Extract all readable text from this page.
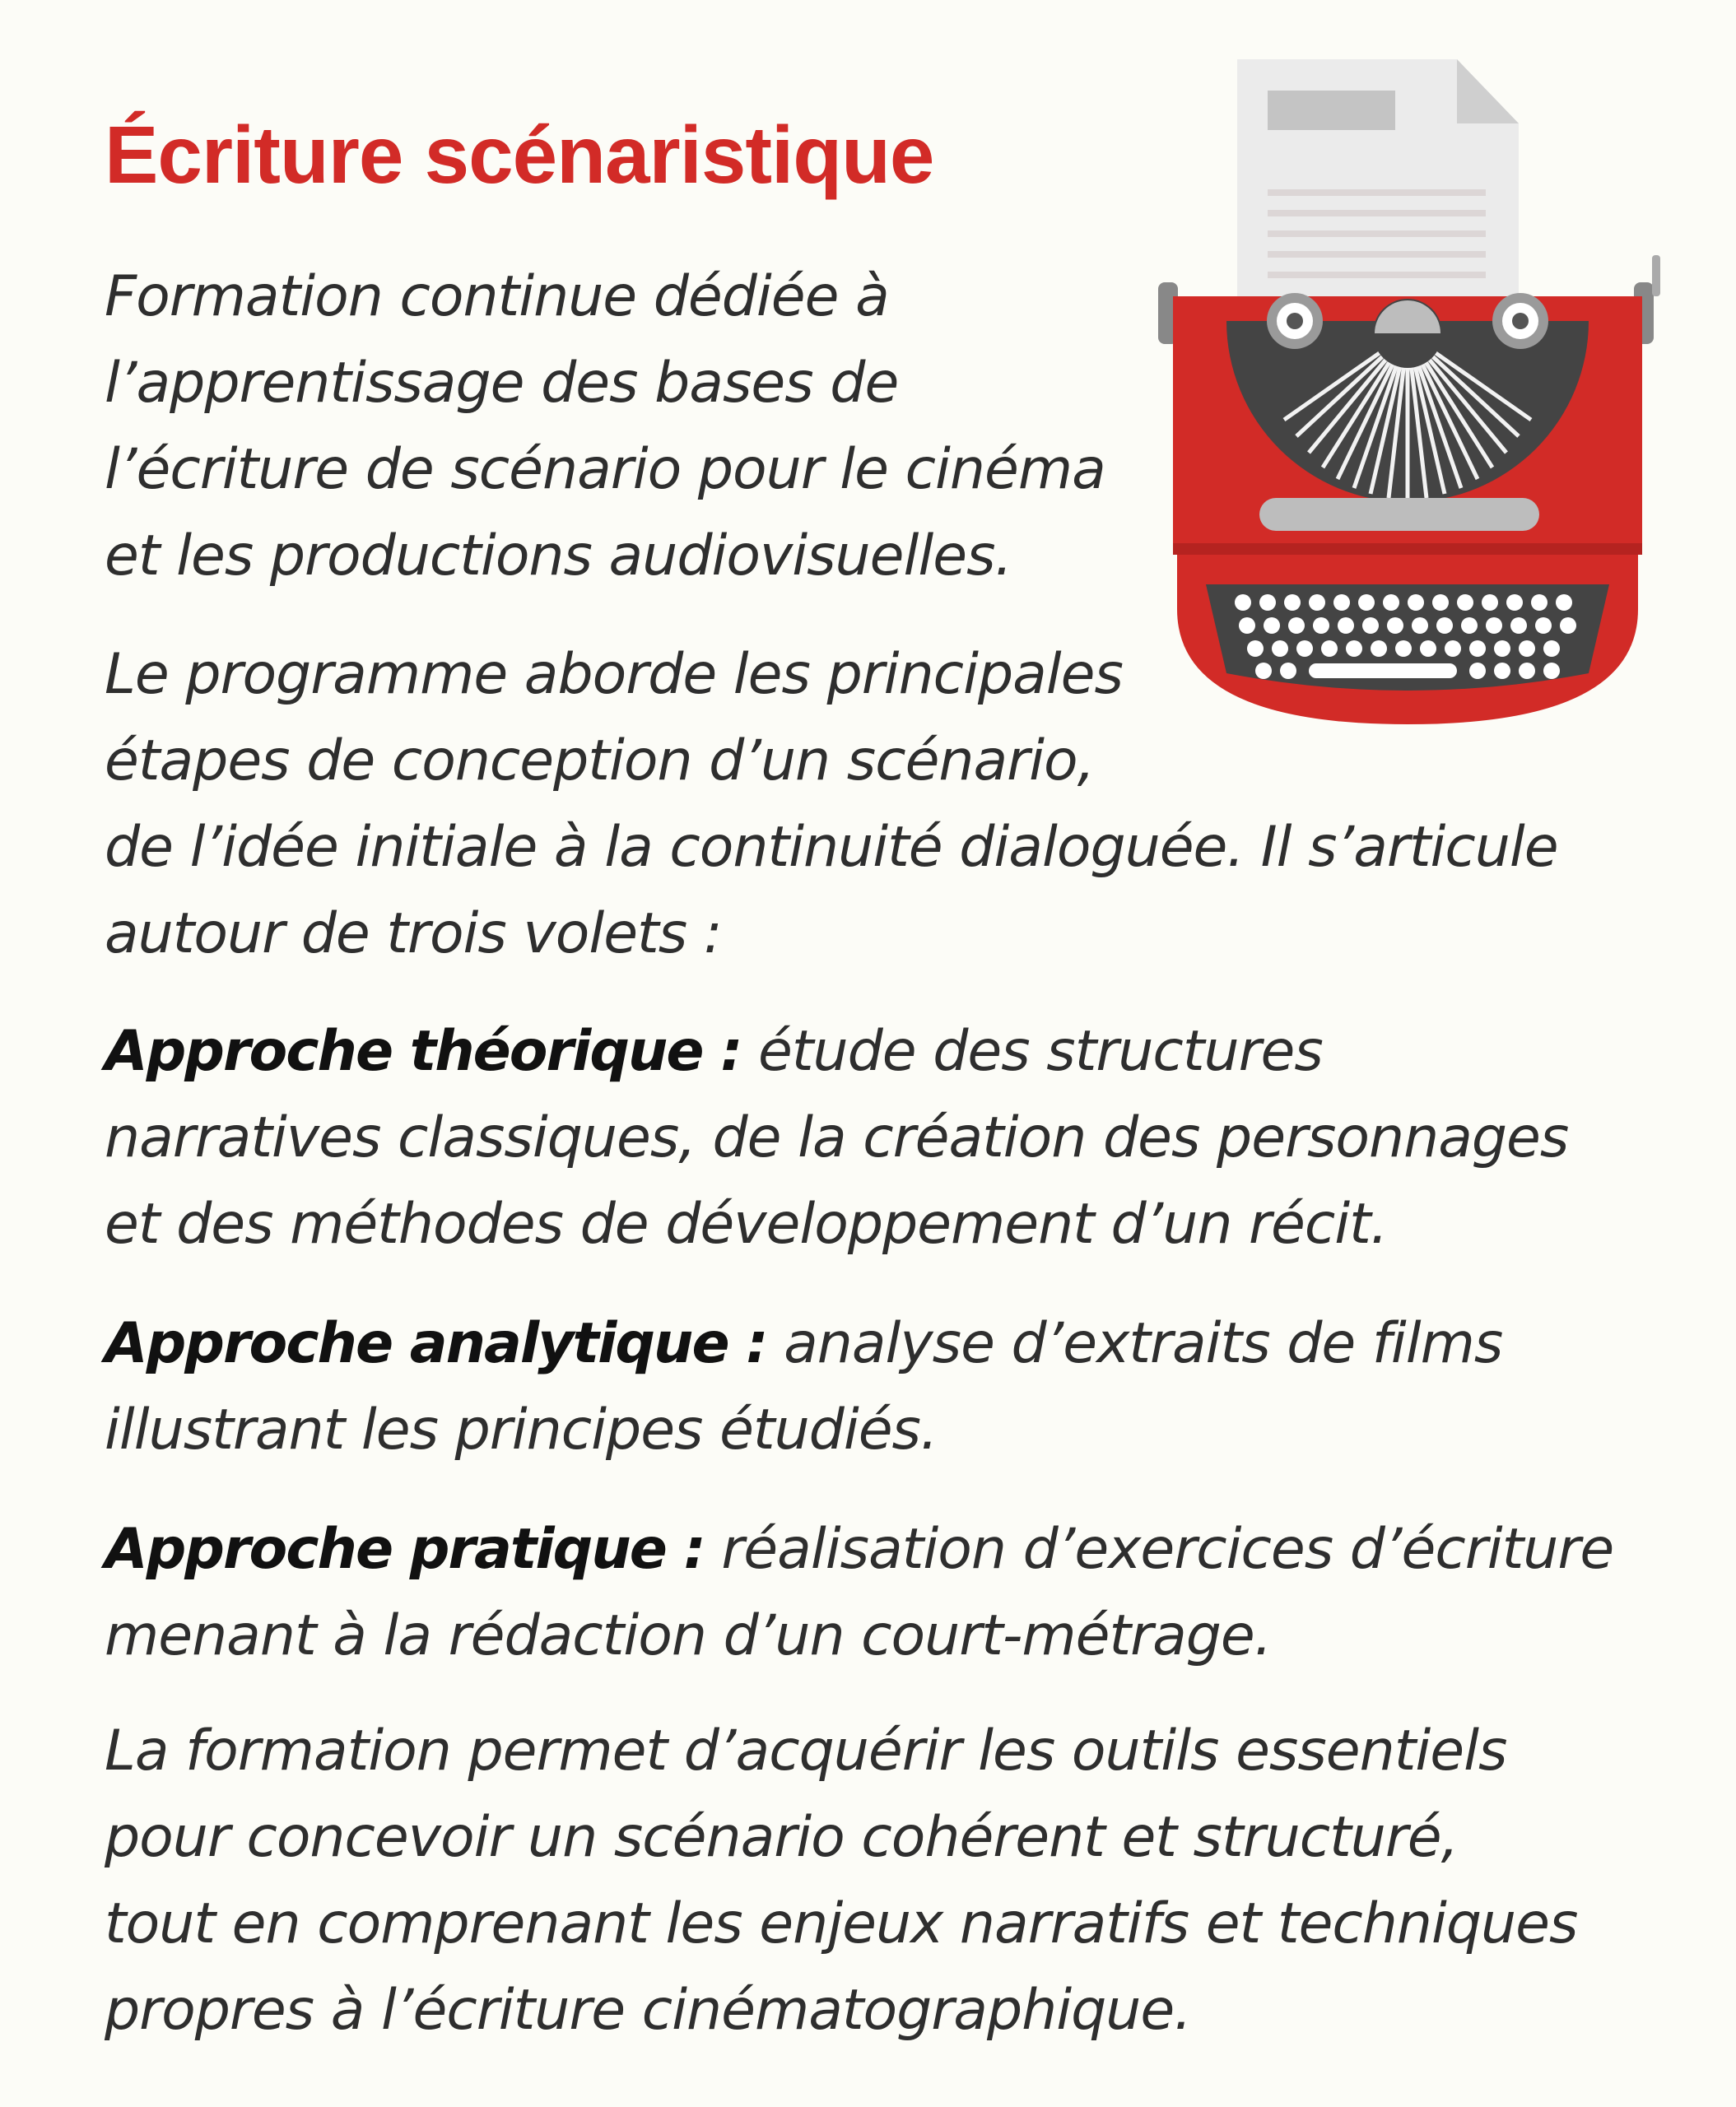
Écriture scénaristique

Formation continue dédiée à
l’apprentissage des bases de
l’écriture de scénario pour le cinéma
et les productions audiovisuelles.

Le programme aborde les principales
étapes de conception d’un scénario,
de l’idée initiale à la continuité dialoguée. Il s’articule
autour de trois volets :

Approche théorique : étude des structures
narratives classiques, de la création des personnages
et des méthodes de développement d’un récit.

Approche analytique : analyse d’extraits de films
illustrant les principes étudiés.

Approche pratique : réalisation d’exercices d’écriture
menant à la rédaction d’un court-métrage.

La formation permet d’acquérir les outils essentiels
pour concevoir un scénario cohérent et structuré,
tout en comprenant les enjeux narratifs et techniques
propres à l’écriture cinématographique.
